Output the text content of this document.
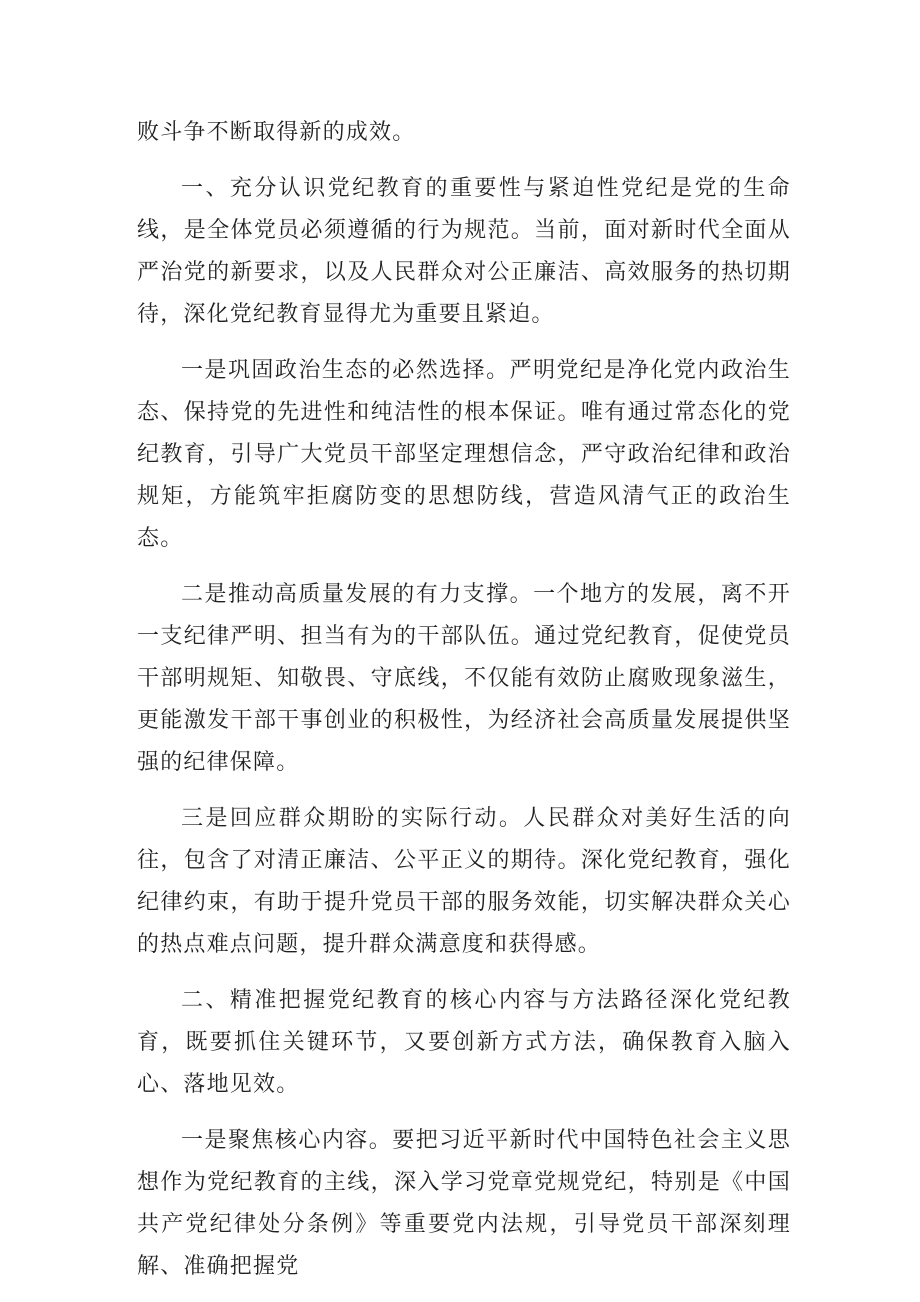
败斗争不断取得新的成效。

一、充分认识党纪教育的重要性与紧迫性党纪是党的生命线，是全体党员必须遵循的行为规范。当前，面对新时代全面从严治党的新要求，以及人民群众对公正廉洁、高效服务的热切期待，深化党纪教育显得尤为重要且紧迫。

一是巩固政治生态的必然选择。严明党纪是净化党内政治生态、保持党的先进性和纯洁性的根本保证。唯有通过常态化的党纪教育，引导广大党员干部坚定理想信念，严守政治纪律和政治规矩，方能筑牢拒腐防变的思想防线，营造风清气正的政治生态。

二是推动高质量发展的有力支撑。一个地方的发展，离不开一支纪律严明、担当有为的干部队伍。通过党纪教育，促使党员干部明规矩、知敬畏、守底线，不仅能有效防止腐败现象滋生，更能激发干部干事创业的积极性，为经济社会高质量发展提供坚强的纪律保障。

三是回应群众期盼的实际行动。人民群众对美好生活的向往，包含了对清正廉洁、公平正义的期待。深化党纪教育，强化纪律约束，有助于提升党员干部的服务效能，切实解决群众关心的热点难点问题，提升群众满意度和获得感。

二、精准把握党纪教育的核心内容与方法路径深化党纪教育，既要抓住关键环节，又要创新方式方法，确保教育入脑入心、落地见效。

一是聚焦核心内容。要把习近平新时代中国特色社会主义思想作为党纪教育的主线，深入学习党章党规党纪，特别是《中国共产党纪律处分条例》等重要党内法规，引导党员干部深刻理解、准确把握党
